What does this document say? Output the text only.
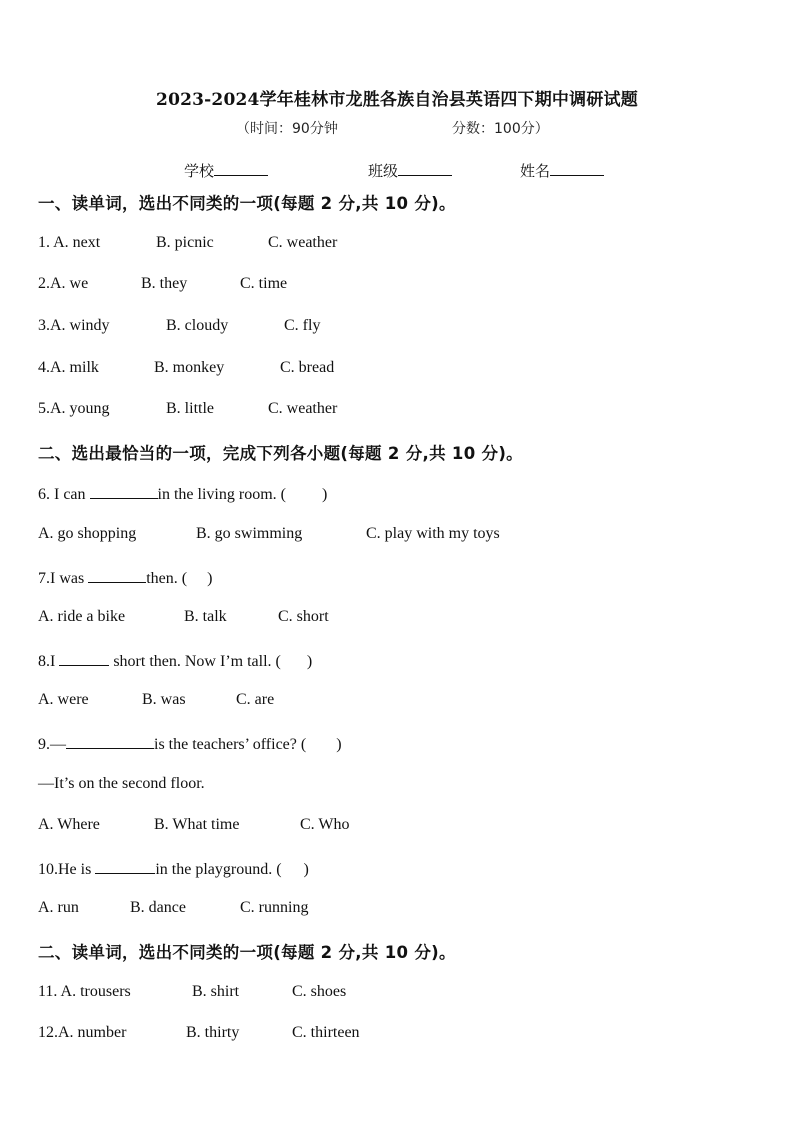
2023-2024学年桂林市龙胜各族自治县英语四下期中调研试题
（时间：90分钟	分数：100分）
学校	班级	姓名
一、读单词，选出不同类的一项(每题 2 分,共 10 分)。
1. A. next	B. picnic	C. weather
2.A. we	B. they	C. time
3.A. windy	B. cloudy	C. fly
4.A. milk	B. monkey	C. bread
5.A. young	B. little	C. weather
二、选出最恰当的一项，完成下列各小题(每题 2 分,共 10 分)。
6. I can	in the living room. ( )
A. go shopping	B. go swimming	C. play with my toys
7.I was	then. ( )
A. ride a bike	B. talk	C. short
8.I	short then. Now I’m tall. ( )
A. were	B. was	C. are
9.—	is the teachers’ office? ( )
—It’s on the second floor.
A. Where	B. What time	C. Who
10.He is	in the playground. ( )
A. run	B. dance	C. running
二、读单词，选出不同类的一项(每题 2 分,共 10 分)。
11. A. trousers	B. shirt	C. shoes
12.A. number	B. thirty	C. thirteen
